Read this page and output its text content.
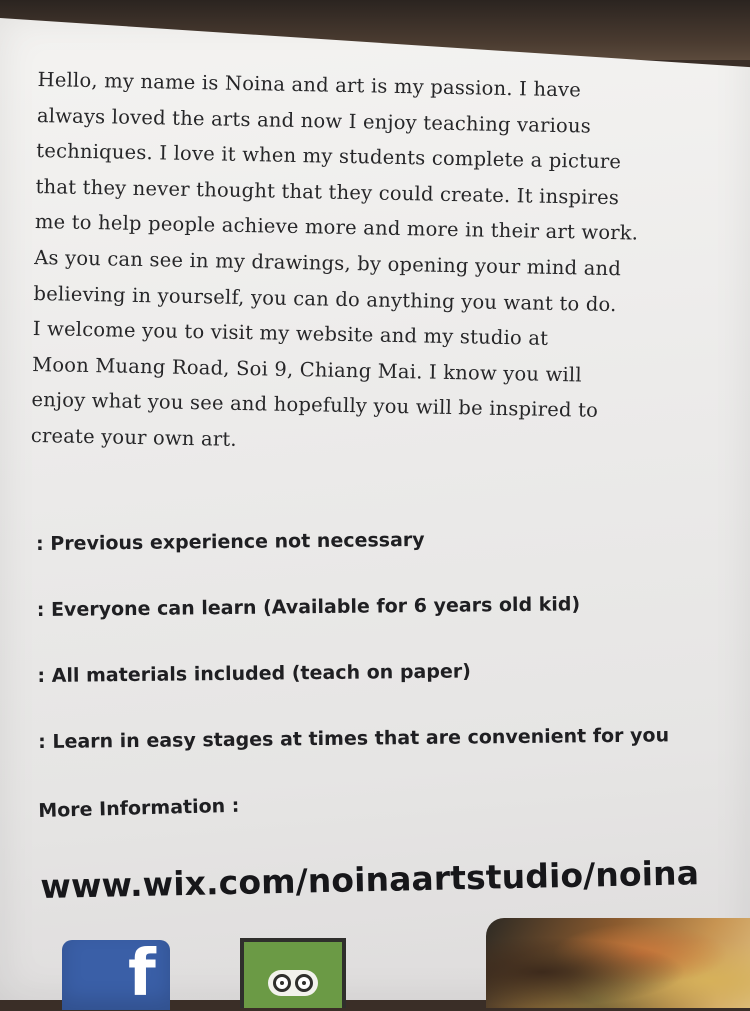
Hello, my name is Noina and art is my passion. I have
always loved the arts and now I enjoy teaching various
techniques. I love it when my students complete a picture
that they never thought that they could create. It inspires
me to help people achieve more and more in their art work.
As you can see in my drawings, by opening your mind and
believing in yourself, you can do anything you want to do.
I welcome you to visit my website and my studio at
Moon Muang Road, Soi 9, Chiang Mai. I know you will
enjoy what you see and hopefully you will be inspired to
create your own art.
: Previous experience not necessary
: Everyone can learn (Available for 6 years old kid)
: All materials included (teach on paper)
: Learn in easy stages at times that are convenient for you
More Information :
www.wix.com/noinaartstudio/noina
f
